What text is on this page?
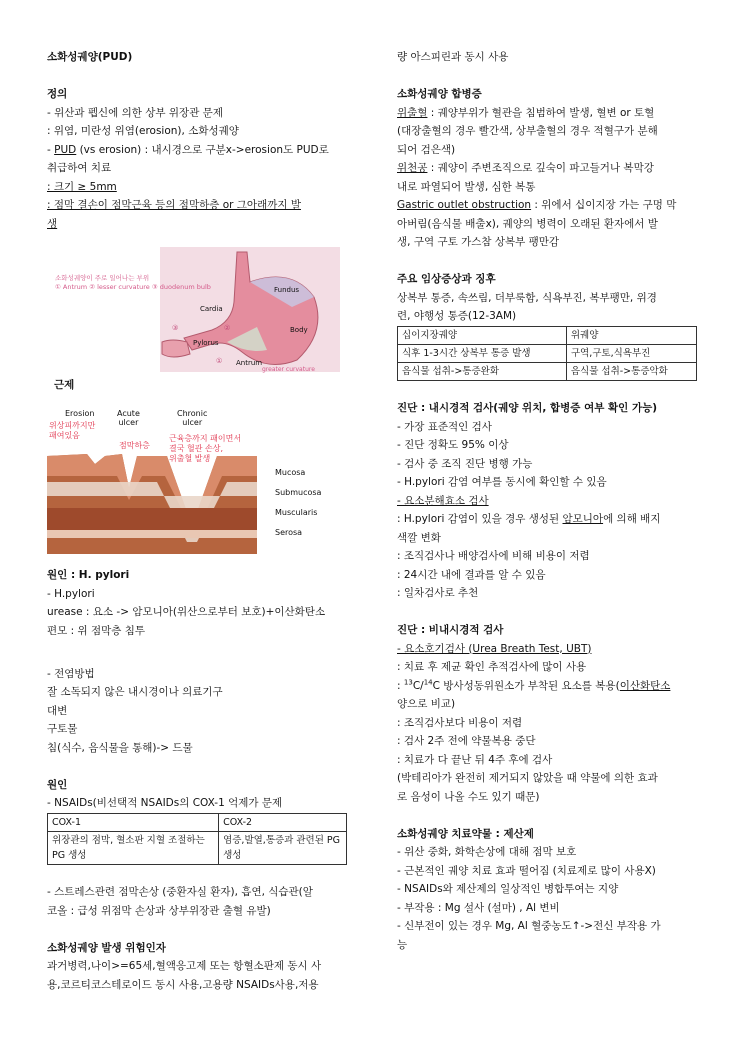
소화성궤양(PUD)

정의

- 위산과 펩신에 의한 상부 위장관 문제

: 위염, 미란성 위염(erosion), 소화성궤양

- PUD (vs erosion) : 내시경으로 구분x->erosion도 PUD로

취급하여 치료

: 크기 ≥ 5mm

: 점막 결손이 점막근육 등의 점막하층 or 그아래까지 발

생

소화성궤양이 주로 일어나는 부위
① Antrum ② lesser curvature ③ duodenum bulb	Fundus
Cardia
Body
Pylorus
Antrum
greater curvature
①
②
③
근제
Erosion	Acute
ulcer
Chronic
ulcer
위상피까지만
패여있음
점막하층
근육층까지 패이면서
결국 혈관 손상,
위출혈 발생
Mucosa
Submucosa
Muscularis
Serosa

원인 : H. pylori

- H.pylori

urease : 요소 -> 암모니아(위산으로부터 보호)+이산화탄소

편모 : 위 점막층 침투

- 전염방법

잘 소독되지 않은 내시경이나 의료기구

대변

구토물

침(식수, 음식물을 통해)-> 드물

원인

- NSAIDs(비선택적 NSAIDs의 COX-1 억제가 문제

COX-1	COX-2
위장관의 점막, 혈소판 지혈 조절하는 PG 생성	염증,발열,통증과 관련된 PG 생성

- 스트레스관련 점막손상 (중환자실 환자), 흡연, 식습관(알

코올 : 급성 위점막 손상과 상부위장관 출혈 유발)

소화성궤양 발생 위험인자

과거병력,나이>=65세,혈액응고제 또는 항혈소판제 동시 사

용,코르티코스테로이드 동시 사용,고용량 NSAIDs사용,저용

량 아스피린과 동시 사용

소화성궤양 합병증

위출혈 : 궤양부위가 혈관을 침범하여 발생, 혈변 or 토혈

(대장출혈의 경우 빨간색, 상부출혈의 경우 적혈구가 분해

되어 검은색)

위천공 : 궤양이 주변조직으로 깊숙이 파고들거나 복막강

내로 파열되어 발생, 심한 복통

Gastric outlet obstruction : 위에서 십이지장 가는 구멍 막

아버림(음식물 배출x), 궤양의 병력이 오래된 환자에서 발

생, 구역 구토 가스참 상복부 팽만감

주요 임상증상과 징후

상복부 통증, 속쓰림, 더부룩함, 식욕부진, 복부팽만, 위경

련, 야행성 통증(12-3AM)

십이지장궤양	위궤양
식후 1-3시간 상복부 통증 발생	구역,구토,식욕부진
음식물 섭취->통증완화	음식물 섭취->통증악화

진단 : 내시경적 검사(궤양 위치, 합병증 여부 확인 가능)

- 가장 표준적인 검사

- 진단 정확도 95% 이상

- 검사 중 조직 진단 병행 가능

- H.pylori 감염 여부를 동시에 확인할 수 있음

- 요소분해효소 검사

: H.pylori 감염이 있을 경우 생성된 암모니아에 의해 배지

색깔 변화

: 조직검사나 배양검사에 비해 비용이 저렴

: 24시간 내에 결과를 알 수 있음

: 일차검사로 추천

진단 : 비내시경적 검사

- 요소호기검사 (Urea Breath Test, UBT)

: 치료 후 제균 확인 추적검사에 많이 사용

: $^{13}$C/$^{14}$C 방사성동위원소가 부착된 요소를 복용(이산화탄소

양으로 비교)

: 조직검사보다 비용이 저렴

: 검사 2주 전에 약물복용 중단

: 치료가 다 끝난 뒤 4주 후에 검사

(박테리아가 완전히 제거되지 않았을 때 약물에 의한 효과

로 음성이 나올 수도 있기 때문)

소화성궤양 치료약물 : 제산제

- 위산 중화, 화학손상에 대해 점막 보호

- 근본적인 궤양 치료 효과 떨어짐 (치료제로 많이 사용X)

- NSAIDs와 제산제의 일상적인 병합투여는 지양

- 부작용 : Mg 설사 (설마) , Al 변비

- 신부전이 있는 경우 Mg, Al 혈중농도↑->전신 부작용 가

능
